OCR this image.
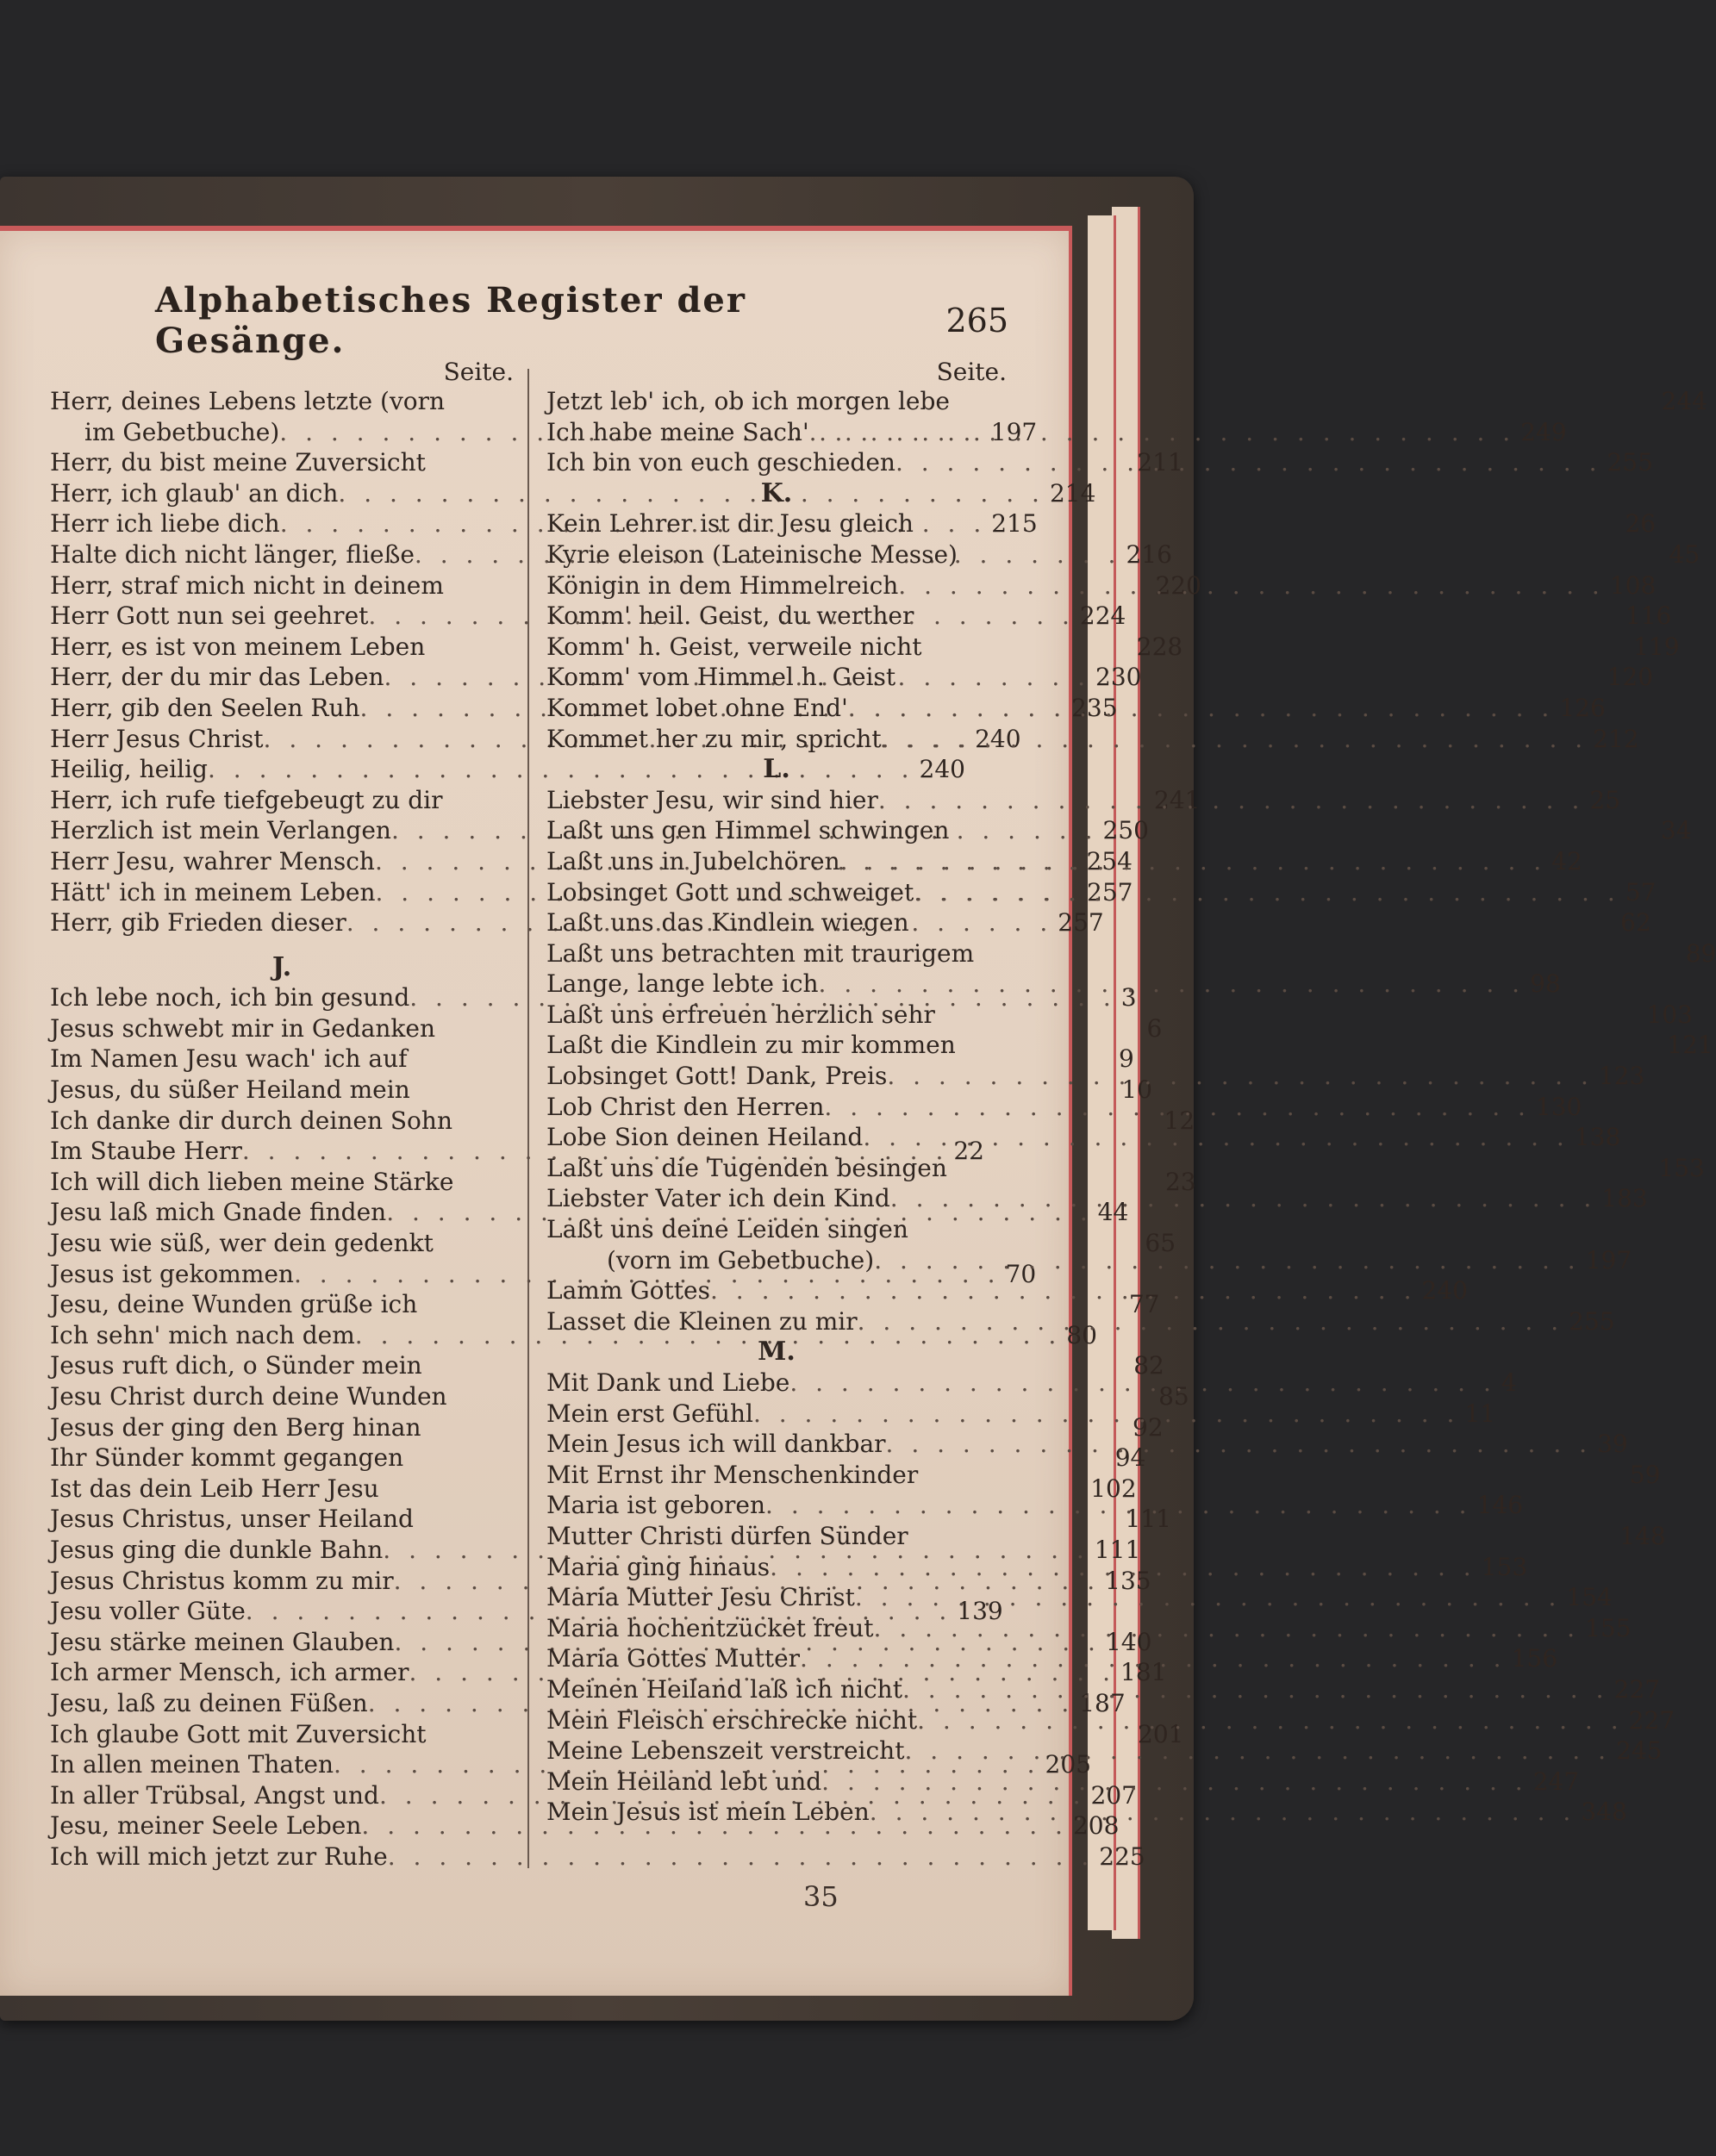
Alphabetisches Register der Gesänge.	265
Seite.
Herr, deines Lebens letzte (vorn
im Gebetbuche) . . .	197
Herr, du bist meine Zuversicht	211
Herr, ich glaub' an dich . . .	214
Herr ich liebe dich . . .	215
Halte dich nicht länger, fließe . . .	216
Herr, straf mich nicht in deinem	220
Herr Gott nun sei geehret . . .	224
Herr, es ist von meinem Leben	228
Herr, der du mir das Leben . . .	230
Herr, gib den Seelen Ruh . . .	235
Herr Jesus Christ . . .	240
Heilig, heilig . . .	240
Herr, ich rufe tiefgebeugt zu dir	241
Herzlich ist mein Verlangen . . .	250
Herr Jesu, wahrer Mensch . . .	254
Hätt' ich in meinem Leben . . .	257
Herr, gib Frieden dieser . . .	257
J.
Ich lebe noch, ich bin gesund . . .	3
Jesus schwebt mir in Gedanken	6
Im Namen Jesu wach' ich auf	9
Jesus, du süßer Heiland mein	10
Ich danke dir durch deinen Sohn	12
Im Staube Herr . . .	22
Ich will dich lieben meine Stärke	23
Jesu laß mich Gnade finden . . .	44
Jesu wie süß, wer dein gedenkt	65
Jesus ist gekommen . . .	70
Jesu, deine Wunden grüße ich	77
Ich sehn' mich nach dem . . .	80
Jesus ruft dich, o Sünder mein	82
Jesu Christ durch deine Wunden	85
Jesus der ging den Berg hinan	92
Ihr Sünder kommt gegangen	94
Ist das dein Leib Herr Jesu	102
Jesus Christus, unser Heiland	111
Jesus ging die dunkle Bahn . . .	111
Jesus Christus komm zu mir . . .	135
Jesu voller Güte . . .	139
Jesu stärke meinen Glauben . . .	140
Ich armer Mensch, ich armer . . .	181
Jesu, laß zu deinen Füßen . . .	187
Ich glaube Gott mit Zuversicht	201
In allen meinen Thaten . . .	205
In aller Trübsal, Angst und . . .	207
Jesu, meiner Seele Leben . . .	208
Ich will mich jetzt zur Ruhe . . .	225
Seite.
Jetzt leb' ich, ob ich morgen lebe	244
Ich habe meine Sach' . . .	249
Ich bin von euch geschieden . . .	255
K.
Kein Lehrer ist dir Jesu gleich	26
Kyrie eleison (Lateinische Messe)	45
Königin in dem Himmelreich . . .	108
Komm' heil. Geist, du werther	116
Komm' h. Geist, verweile nicht	119
Komm' vom Himmel h. Geist	120
Kommet lobet ohne End' . . .	126
Kommet her zu mir, spricht . . .	212
L.
Liebster Jesu, wir sind hier . . .	25
Laßt uns gen Himmel schwingen	34
Laßt uns in Jubelchören . . .	42
Lobsinget Gott und schweiget . . .	57
Laßt uns das Kindlein wiegen	62
Laßt uns betrachten mit traurigem	89
Lange, lange lebte ich . . .	98
Laßt uns erfreuen herzlich sehr	103
Laßt die Kindlein zu mir kommen	121
Lobsinget Gott! Dank, Preis . . .	123
Lob Christ den Herren . . .	130
Lobe Sion deinen Heiland . . .	138
Laßt uns die Tugenden besingen	153
Liebster Vater ich dein Kind . . .	183
Laßt uns deine Leiden singen
(vorn im Gebetbuche) . . .	197
Lamm Gottes . . .	240
Lasset die Kleinen zu mir . . .	255
M.
Mit Dank und Liebe . . .	4
Mein erst Gefühl . . .	11
Mein Jesus ich will dankbar . . .	39
Mit Ernst ihr Menschenkinder	59
Maria ist geboren . . .	146
Mutter Christi dürfen Sünder	148
Maria ging hinaus . . .	153
Maria Mutter Jesu Christ . . .	154
Maria hochentzücket freut . . .	155
Maria Gottes Mutter . . .	156
Meinen Heiland laß ich nicht . . .	227
Mein Fleisch erschrecke nicht . . .	227
Meine Lebenszeit verstreicht . . .	245
Mein Heiland lebt und . . .	247
Mein Jesus ist mein Leben . . .	348
35
